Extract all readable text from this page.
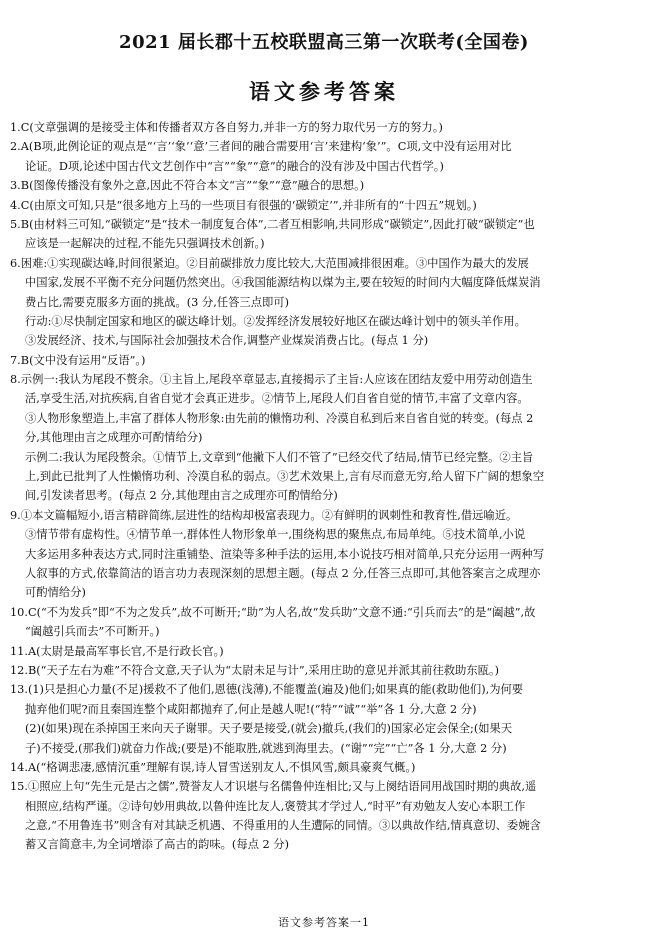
2021 届长郡十五校联盟高三第一次联考(全国卷)
语文参考答案
1.C(文章强调的是接受主体和传播者双方各自努力,并非一方的努力取代另一方的努力。)
2.A(B项,此例论证的观点是“‘言’‘象’‘意’三者间的融合需要用‘言’来建构‘象’”。C项,文中没有运用对比
论证。D项,论述中国古代文艺创作中“言”“象”“意”的融合的没有涉及中国古代哲学。)
3.B(图像传播没有象外之意,因此不符合本文“言”“象”“意”融合的思想。)
4.C(由原文可知,只是“很多地方上马的一些项目有很强的‘碳锁定’”,并非所有的“十四五”规划。)
5.B(由材料三可知,“碳锁定”是“技术一制度复合体”,二者互相影响,共同形成“碳锁定”,因此打破“碳锁定”也
应该是一起解决的过程,不能先只强调技术创新。)
6.困难:①实现碳达峰,时间很紧迫。②目前碳排放力度比较大,大范围减排很困难。③中国作为最大的发展
中国家,发展不平衡不充分问题仍然突出。④我国能源结构以煤为主,要在较短的时间内大幅度降低煤炭消
费占比,需要克服多方面的挑战。(3 分,任答三点即可)
行动:①尽快制定国家和地区的碳达峰计划。②发挥经济发展较好地区在碳达峰计划中的领头羊作用。
③发展经济、技术,与国际社会加强技术合作,调整产业煤炭消费占比。(每点 1 分)
7.B(文中没有运用“反语”。)
8.示例一:我认为尾段不赘余。①主旨上,尾段卒章显志,直接揭示了主旨:人应该在团结友爱中用劳动创造生
活,享受生活,对抗疾病,自省自觉才会真正进步。②情节上,尾段人们自省自觉的情节,丰富了文章内容。
③人物形象塑造上,丰富了群体人物形象:由先前的懒惰功利、冷漠自私到后来自省自觉的转变。(每点 2
分,其他理由言之成理亦可酌情给分)
示例二:我认为尾段赘余。①情节上,文章到“他撇下人们不管了”已经交代了结局,情节已经完整。②主旨
上,到此已批判了人性懒惰功利、冷漠自私的弱点。③艺术效果上,言有尽而意无穷,给人留下广阔的想象空
间,引发读者思考。(每点 2 分,其他理由言之成理亦可酌情给分)
9.①本文篇幅短小,语言精辟简练,层进性的结构却极富表现力。②有鲜明的讽刺性和教育性,借远喻近。
③情节带有虚构性。④情节单一,群体性人物形象单一,围绕构思的聚焦点,布局单纯。⑤技术简单,小说
大多运用多种表达方式,同时注重铺垫、渲染等多种手法的运用,本小说技巧相对简单,只充分运用一两种写
人叙事的方式,依靠简洁的语言功力表现深刻的思想主题。(每点 2 分,任答三点即可,其他答案言之成理亦
可酌情给分)
10.C(“不为发兵”即“不为之发兵”,故不可断开;“助”为人名,故“发兵助”文意不通:“引兵而去”的是“阖越”,故
“阖越引兵而去”不可断开。)
11.A(太尉是最高军事长官,不是行政长官。)
12.B(“天子左右为难”不符合文意,天子认为“太尉未足与计”,采用庄助的意见并派其前往救助东瓯。)
13.(1)只是担心力量(不足)援救不了他们,恩德(浅薄),不能覆盖(遍及)他们;如果真的能(救助他们),为何要
抛弃他们呢?而且秦国连整个咸阳都抛弃了,何止是越人呢!(“特”“诚”“举”各 1 分,大意 2 分)
(2)(如果)现在杀掉国王来向天子谢罪。天子要是接受,(就会)撤兵,(我们的)国家必定会保全;(如果天
子)不接受,(那我们)就奋力作战;(要是)不能取胜,就逃到海里去。(“谢”“完”“亡”各 1 分,大意 2 分)
14.A(“格调悲凄,感情沉重”理解有误,诗人冒雪送别友人,不惧风雪,颇具豪爽气概。)
15.①照应上句“先生元是古之儒”,赞誉友人才识堪与名儒鲁仲连相比;又与上阕结语同用战国时期的典故,遥
相照应,结构严谨。②诗句妙用典故,以鲁仲连比友人,褒赞其才学过人,“时平”有劝勉友人安心本职工作
之意,“不用鲁连书”则含有对其缺乏机遇、不得重用的人生遭际的同情。③以典故作结,情真意切、委婉含
蓄又言简意丰,为全词增添了高古的韵味。(每点 2 分)
语文参考答案一1
